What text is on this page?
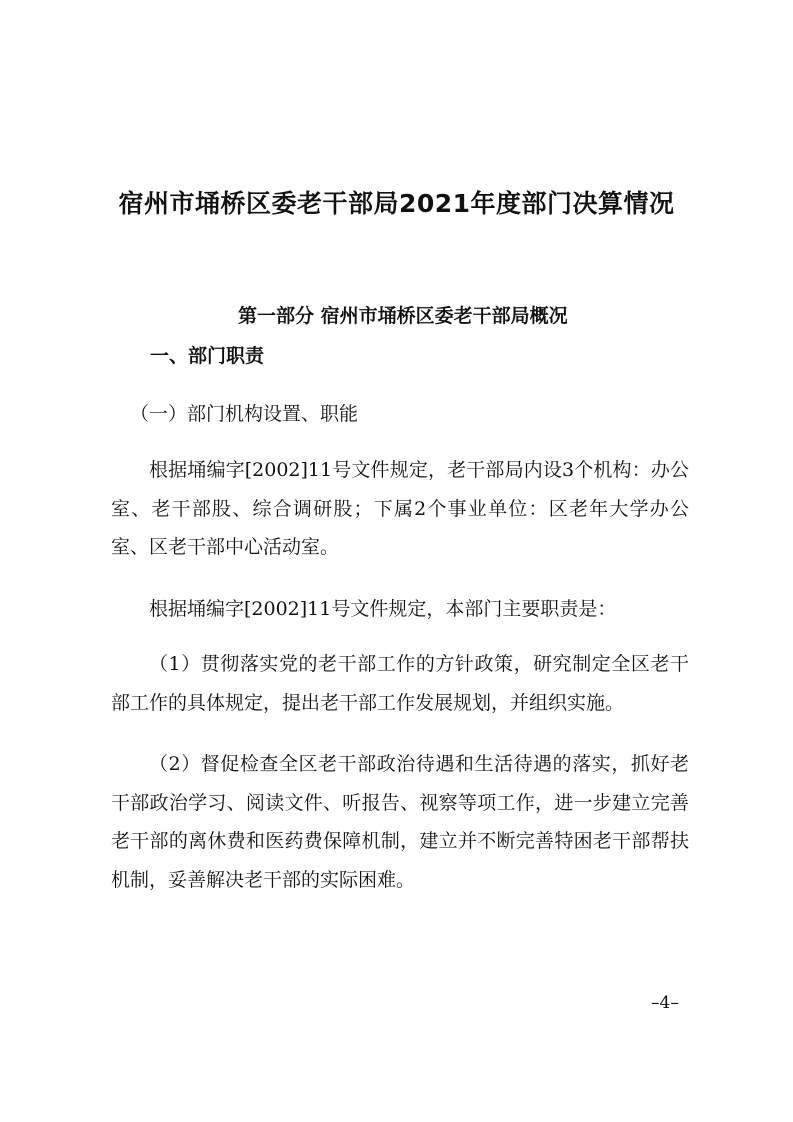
宿州市埇桥区委老干部局2021年度部门决算情况
第一部分 宿州市埇桥区委老干部局概况
一、部门职责
（一）部门机构设置、职能

根据埇编字[2002]11号文件规定，老干部局内设3个机构：办公室、老干部股、综合调研股；下属2个事业单位：区老年大学办公室、区老干部中心活动室。

根据埇编字[2002]11号文件规定，本部门主要职责是：

（1）贯彻落实党的老干部工作的方针政策，研究制定全区老干部工作的具体规定，提出老干部工作发展规划，并组织实施。

（2）督促检查全区老干部政治待遇和生活待遇的落实，抓好老干部政治学习、阅读文件、听报告、视察等项工作，进一步建立完善老干部的离休费和医药费保障机制，建立并不断完善特困老干部帮扶机制，妥善解决老干部的实际困难。

–4–
